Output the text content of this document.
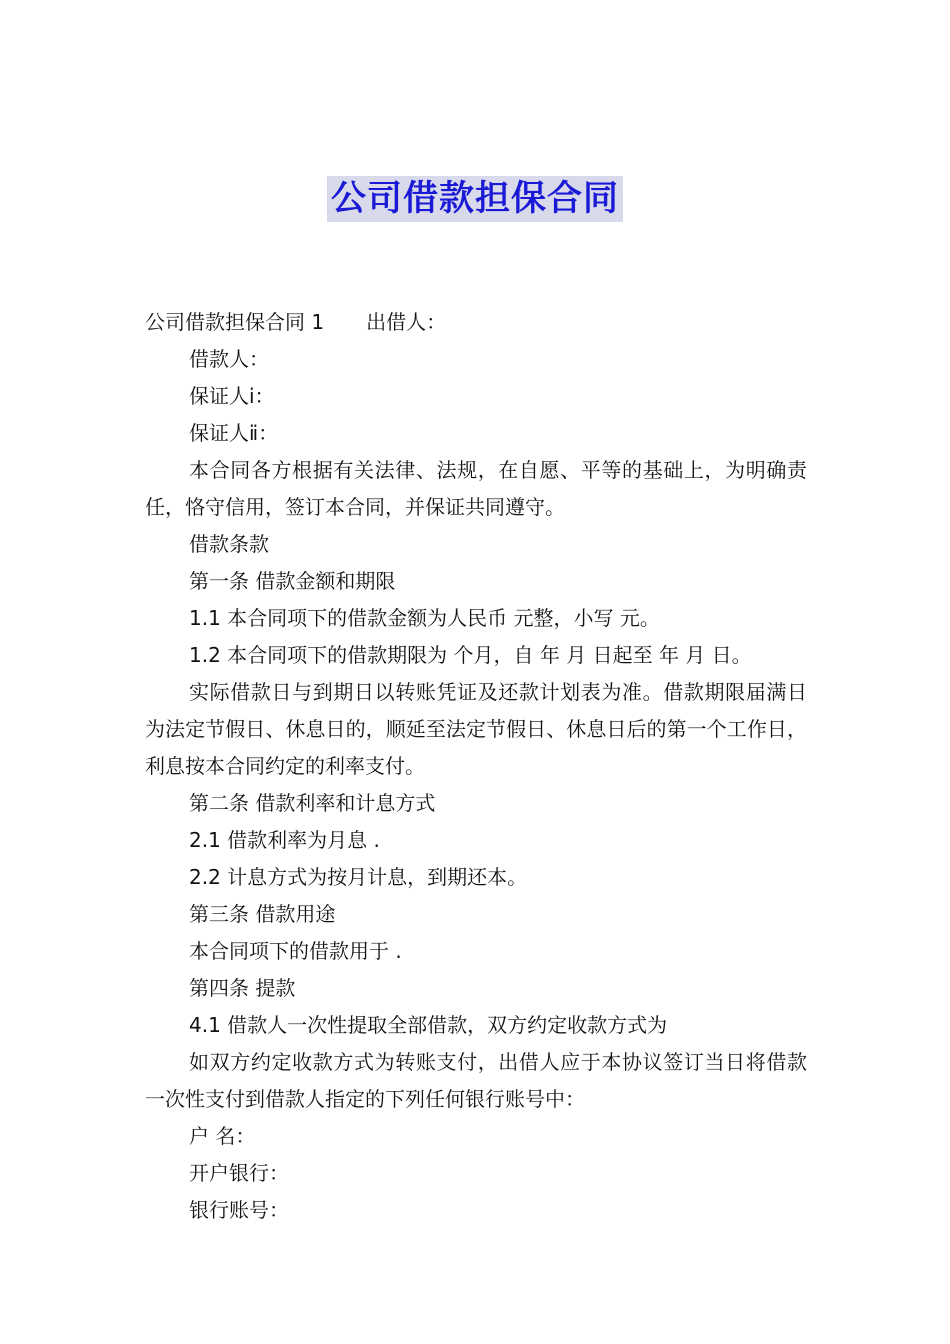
公司借款担保合同

公司借款担保合同 1 出借人：

借款人：

保证人ⅰ：

保证人ⅱ：

本合同各方根据有关法律、法规，在自愿、平等的基础上，为明确责任，恪守信用，签订本合同，并保证共同遵守。

借款条款

第一条 借款金额和期限

1.1 本合同项下的借款金额为人民币 元整，小写 元。

1.2 本合同项下的借款期限为 个月，自 年 月 日起至 年 月 日。

实际借款日与到期日以转账凭证及还款计划表为准。借款期限届满日为法定节假日、休息日的，顺延至法定节假日、休息日后的第一个工作日，利息按本合同约定的利率支付。

第二条 借款利率和计息方式

2.1 借款利率为月息 .

2.2 计息方式为按月计息，到期还本。

第三条 借款用途

本合同项下的借款用于 .

第四条 提款

4.1 借款人一次性提取全部借款，双方约定收款方式为

如双方约定收款方式为转账支付，出借人应于本协议签订当日将借款一次性支付到借款人指定的下列任何银行账号中：

户 名：

开户银行：

银行账号：
